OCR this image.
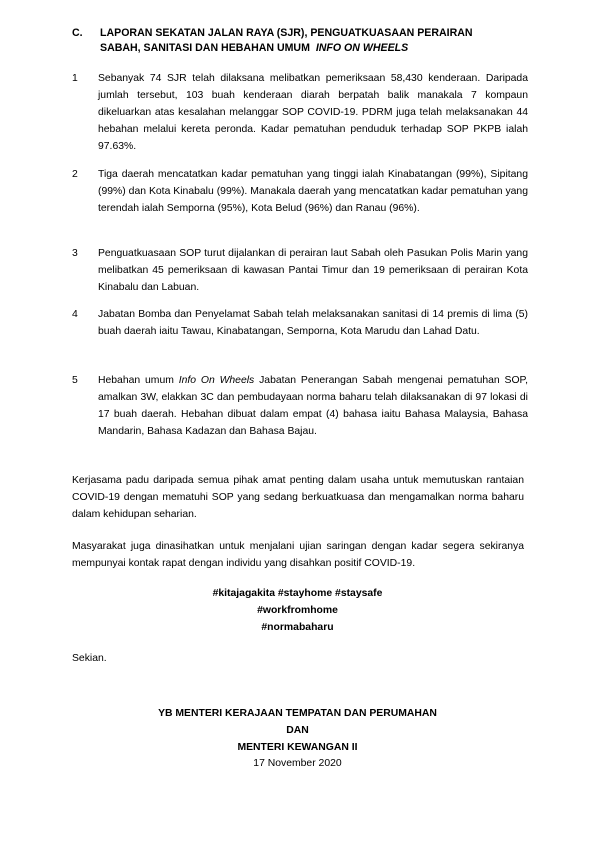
C. LAPORAN SEKATAN JALAN RAYA (SJR), PENGUATKUASAAN PERAIRAN
SABAH, SANITASI DAN HEBAHAN UMUM INFO ON WHEELS
1	Sebanyak 74 SJR telah dilaksana melibatkan pemeriksaan 58,430 kenderaan. Daripada jumlah tersebut, 103 buah kenderaan diarah berpatah balik manakala 7 kompaun dikeluarkan atas kesalahan melanggar SOP COVID-19. PDRM juga telah melaksanakan 44 hebahan melalui kereta peronda. Kadar pematuhan penduduk terhadap SOP PKPB ialah 97.63%.
2	Tiga daerah mencatatkan kadar pematuhan yang tinggi ialah Kinabatangan (99%), Sipitang (99%) dan Kota Kinabalu (99%). Manakala daerah yang mencatatkan kadar pematuhan yang terendah ialah Semporna (95%), Kota Belud (96%) dan Ranau (96%).
3	Penguatkuasaan SOP turut dijalankan di perairan laut Sabah oleh Pasukan Polis Marin yang melibatkan 45 pemeriksaan di kawasan Pantai Timur dan 19 pemeriksaan di perairan Kota Kinabalu dan Labuan.
4	Jabatan Bomba dan Penyelamat Sabah telah melaksanakan sanitasi di 14 premis di lima (5) buah daerah iaitu Tawau, Kinabatangan, Semporna, Kota Marudu dan Lahad Datu.
5	Hebahan umum Info On Wheels Jabatan Penerangan Sabah mengenai pematuhan SOP, amalkan 3W, elakkan 3C dan pembudayaan norma baharu telah dilaksanakan di 97 lokasi di 17 buah daerah. Hebahan dibuat dalam empat (4) bahasa iaitu Bahasa Malaysia, Bahasa Mandarin, Bahasa Kadazan dan Bahasa Bajau.
Kerjasama padu daripada semua pihak amat penting dalam usaha untuk memutuskan rantaian COVID-19 dengan mematuhi SOP yang sedang berkuatkuasa dan mengamalkan norma baharu dalam kehidupan seharian.
Masyarakat juga dinasihatkan untuk menjalani ujian saringan dengan kadar segera sekiranya mempunyai kontak rapat dengan individu yang disahkan positif COVID-19.
#kitajagakita #stayhome #staysafe
#workfromhome
#normabaharu
Sekian.
YB MENTERI KERAJAAN TEMPATAN DAN PERUMAHAN
DAN
MENTERI KEWANGAN II
17 November 2020
